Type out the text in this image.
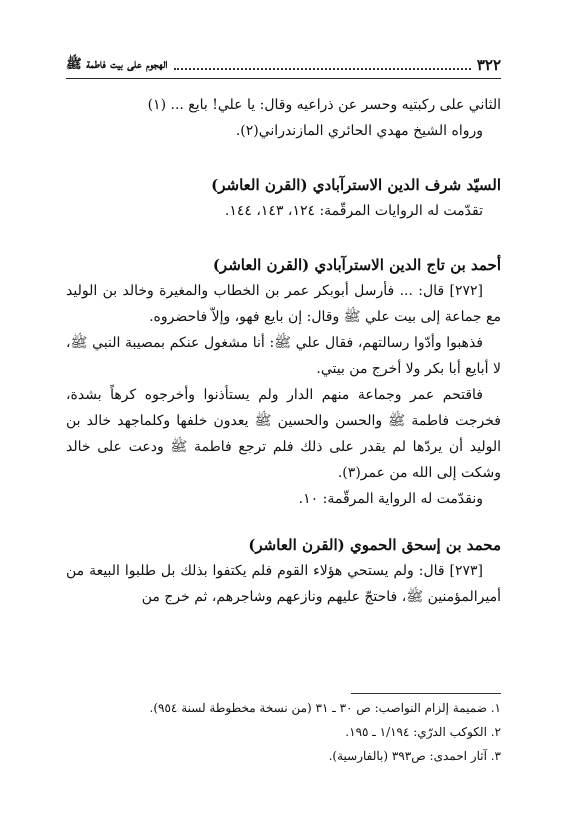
٣٢٢
الهجوم على بيت فاطمة ﷺ

الثاني على ركبتيه وحسر عن ذراعيه وقال: يا علي! بايع ... (١)

ورواه الشيخ مهدي الحائري المازندراني(٢).

السيّد شرف الدين الاسترآبادي (القرن العاشر)

تقدّمت له الروايات المرقّمة: ١٢٤، ١٤٣، ١٤٤.

أحمد بن تاج الدين الاسترآبادي (القرن العاشر)

[٢٧٢] قال: ... فأرسل أبوبكر عمر بن الخطاب والمغيرة وخالد بن الوليد مع جماعة إلى بيت علي ﷺ وقال: إن بايع فهو، وإلاّ فاحضروه.

فذهبوا وأدّوا رسالتهم، فقال علي ﷺ: أنا مشغول عنكم بمصيبة النبي ﷺ، لا أبايع أبا بكر ولا أخرج من بيتي.

فاقتحم عمر وجماعة منهم الدار ولم يستأذنوا وأخرجوه كرهاً بشدة، فخرجت فاطمة ﷺ والحسن والحسين ﷺ يعدون خلفها وكلماجهد خالد بن الوليد أن يردّها لم يقدر على ذلك فلم ترجع فاطمة ﷺ ودعت على خالد وشكت إلى الله من عمر(٣).

ونقدّمت له الرواية المرقّمة: ١٠.

محمد بن إسحق الحموي (القرن العاشر)

[٢٧٣] قال: ولم يستحي هؤلاء القوم فلم يكتفوا بذلك بل طلبوا البيعة من أميرالمؤمنين ﷺ، فاحتجّ عليهم ونازعهم وشاجرهم، ثم خرج من

١. ضميمة إلزام النواصب: ص ٣٠ ـ ٣١ (من نسخة مخطوطة لسنة ٩٥٤).

٢. الكوكب الدرّي: ١/١٩٤ ـ ١٩٥.

٣. آثار احمدى: ص٣٩٣ (بالفارسية).
